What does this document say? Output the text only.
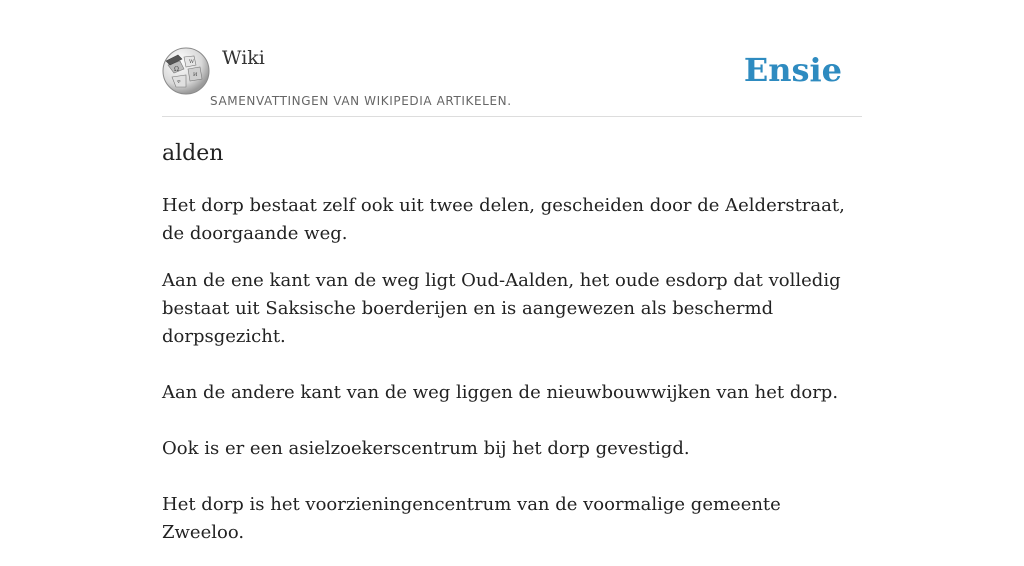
Ω
W
И
ক
Wiki
SAMENVATTINGEN VAN WIKIPEDIA ARTIKELEN.
Ensie
alden

Het dorp bestaat zelf ook uit twee delen, gescheiden door de Aelderstraat, de doorgaande weg.

Aan de ene kant van de weg ligt Oud-Aalden, het oude esdorp dat volledig bestaat uit Saksische boerderijen en is aangewezen als beschermd dorpsgezicht.

Aan de andere kant van de weg liggen de nieuwbouwwijken van het dorp.

Ook is er een asielzoekerscentrum bij het dorp gevestigd.

Het dorp is het voorzieningencentrum van de voormalige gemeente Zweeloo.
